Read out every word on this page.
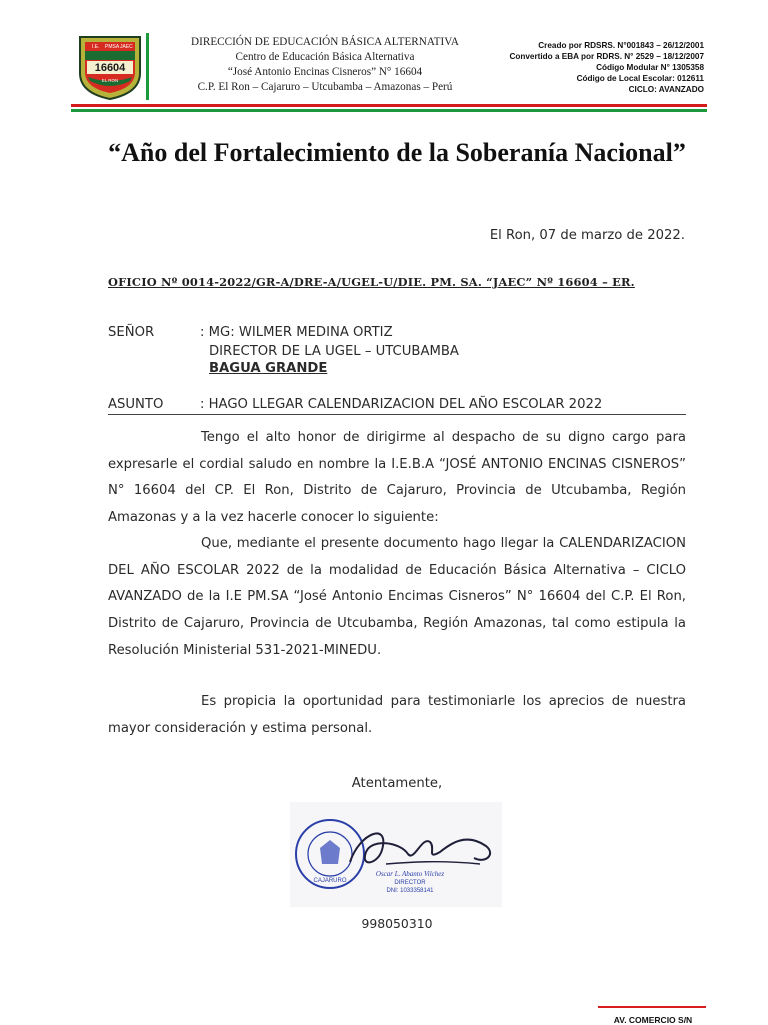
I.E. PMSA JAEC
16604
EL RON
DIRECCIÓN DE EDUCACIÓN BÁSICA ALTERNATIVA
Centro de Educación Básica Alternativa
“José Antonio Encinas Cisneros” N° 16604
C.P. El Ron – Cajaruro – Utcubamba – Amazonas – Perú
Creado por RDSRS. N°001843 – 26/12/2001
Convertido a EBA por RDRS. N° 2529 – 18/12/2007
Código Modular N° 1305358
Código de Local Escolar: 012611
CICLO: AVANZADO
“Año del Fortalecimiento de la Soberanía Nacional”
El Ron, 07 de marzo de 2022.
OFICIO Nº 0014-2022/GR-A/DRE-A/UGEL-U/DIE. PM. SA. “JAEC” Nº 16604 – ER.
SEÑOR	: MG: WILMER MEDINA ORTIZ
DIRECTOR DE LA UGEL – UTCUBAMBA
BAGUA GRANDE
ASUNTO	: HAGO LLEGAR CALENDARIZACION DEL AÑO ESCOLAR 2022
Tengo el alto honor de dirigirme al despacho de su digno cargo para expresarle el cordial saludo en nombre la I.E.B.A “JOSÉ ANTONIO ENCINAS CISNEROS” N° 16604 del CP. El Ron, Distrito de Cajaruro, Provincia de Utcubamba, Región Amazonas y a la vez hacerle conocer lo siguiente:
Que, mediante el presente documento hago llegar la CALENDARIZACION DEL AÑO ESCOLAR 2022 de la modalidad de Educación Básica Alternativa – CICLO AVANZADO de la I.E PM.SA “José Antonio Encimas Cisneros” N° 16604 del C.P. El Ron, Distrito de Cajaruro, Provincia de Utcubamba, Región Amazonas, tal como estipula la Resolución Ministerial 531-2021-MINEDU.
Es propicia la oportunidad para testimoniarle los aprecios de nuestra mayor consideración y estima personal.
Atentamente,
CAJARURO
Oscar L. Abanto Vilchez
DIRECTOR
DNI: 1033358141
998050310
AV. COMERCIO S/N
